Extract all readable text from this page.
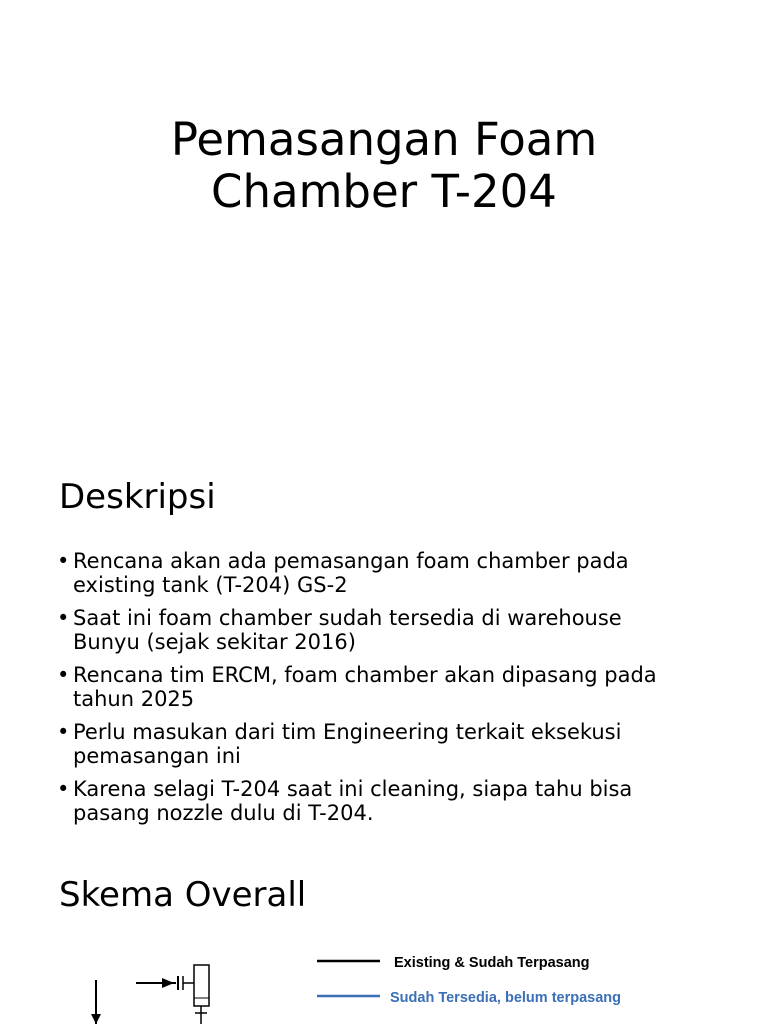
Pemasangan Foam
Chamber T-204
Deskripsi
• Rencana akan ada pemasangan foam chamber pada
existing tank (T-204) GS-2
• Saat ini foam chamber sudah tersedia di warehouse
Bunyu (sejak sekitar 2016)
• Rencana tim ERCM, foam chamber akan dipasang pada
tahun 2025
• Perlu masukan dari tim Engineering terkait eksekusi
pemasangan ini
• Karena selagi T-204 saat ini cleaning, siapa tahu bisa
pasang nozzle dulu di T-204.
Skema Overall
Existing & Sudah Terpasang
Sudah Tersedia, belum terpasang
